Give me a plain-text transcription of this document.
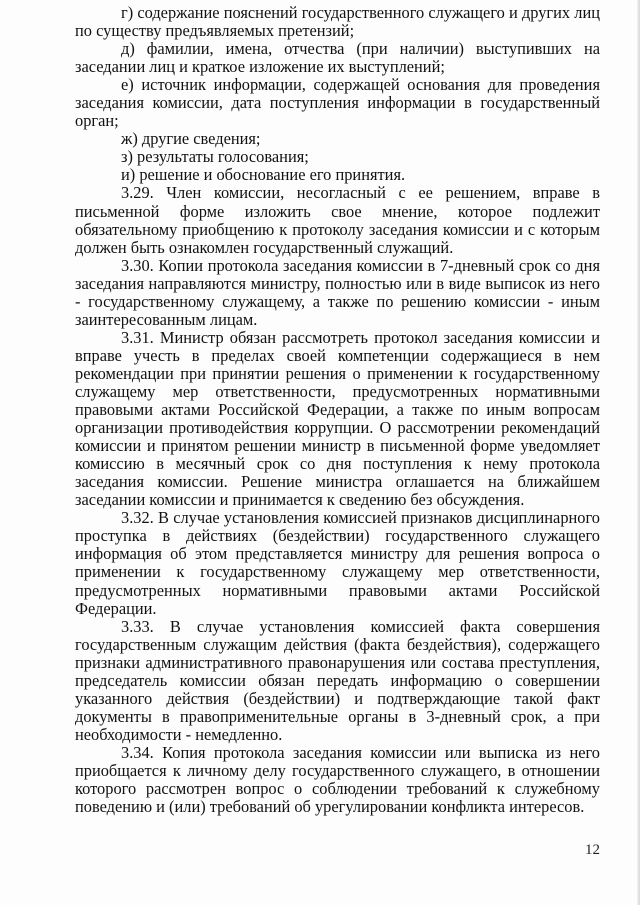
г) содержание пояснений государственного служащего и других лиц по существу предъявляемых претензий;

д) фамилии, имена, отчества (при наличии) выступивших на заседании лиц и краткое изложение их выступлений;

е) источник информации, содержащей основания для проведения заседания комиссии, дата поступления информации в государственный орган;

ж) другие сведения;

з) результаты голосования;

и) решение и обоснование его принятия.

3.29. Член комиссии, несогласный с ее решением, вправе в письменной форме изложить свое мнение, которое подлежит обязательному приобщению к протоколу заседания комиссии и с которым должен быть ознакомлен государственный служащий.

3.30. Копии протокола заседания комиссии в 7-дневный срок со дня заседания направляются министру, полностью или в виде выписок из него - государственному служащему, а также по решению комиссии - иным заинтересованным лицам.

3.31. Министр обязан рассмотреть протокол заседания комиссии и вправе учесть в пределах своей компетенции содержащиеся в нем рекомендации при принятии решения о применении к государственному служащему мер ответственности, предусмотренных нормативными правовыми актами Российской Федерации, а также по иным вопросам организации противодействия коррупции. О рассмотрении рекомендаций комиссии и принятом решении министр в письменной форме уведомляет комиссию в месячный срок со дня поступления к нему протокола заседания комиссии. Решение министра оглашается на ближайшем заседании комиссии и принимается к сведению без обсуждения.

3.32. В случае установления комиссией признаков дисциплинарного проступка в действиях (бездействии) государственного служащего информация об этом представляется министру для решения вопроса о применении к государственному служащему мер ответственности, предусмотренных нормативными правовыми актами Российской Федерации.

3.33. В случае установления комиссией факта совершения государственным служащим действия (факта бездействия), содержащего признаки административного правонарушения или состава преступления, председатель комиссии обязан передать информацию о совершении указанного действия (бездействии) и подтверждающие такой факт документы в правоприменительные органы в 3-дневный срок, а при необходимости - немедленно.

3.34. Копия протокола заседания комиссии или выписка из него приобщается к личному делу государственного служащего, в отношении которого рассмотрен вопрос о соблюдении требований к служебному поведению и (или) требований об урегулировании конфликта интересов.

12
